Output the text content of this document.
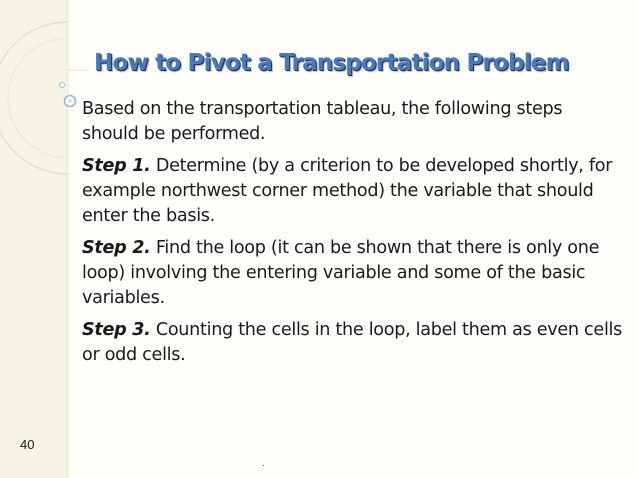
How to Pivot a Transportation Problem

Based on the transportation tableau, the following steps should be performed.

Step 1. Determine (by a criterion to be developed shortly, for example northwest corner method) the variable that should enter the basis.

Step 2. Find the loop (it can be shown that there is only one loop) involving the entering variable and some of the basic variables.

Step 3. Counting the cells in the loop, label them as even cells or odd cells.

40
.
